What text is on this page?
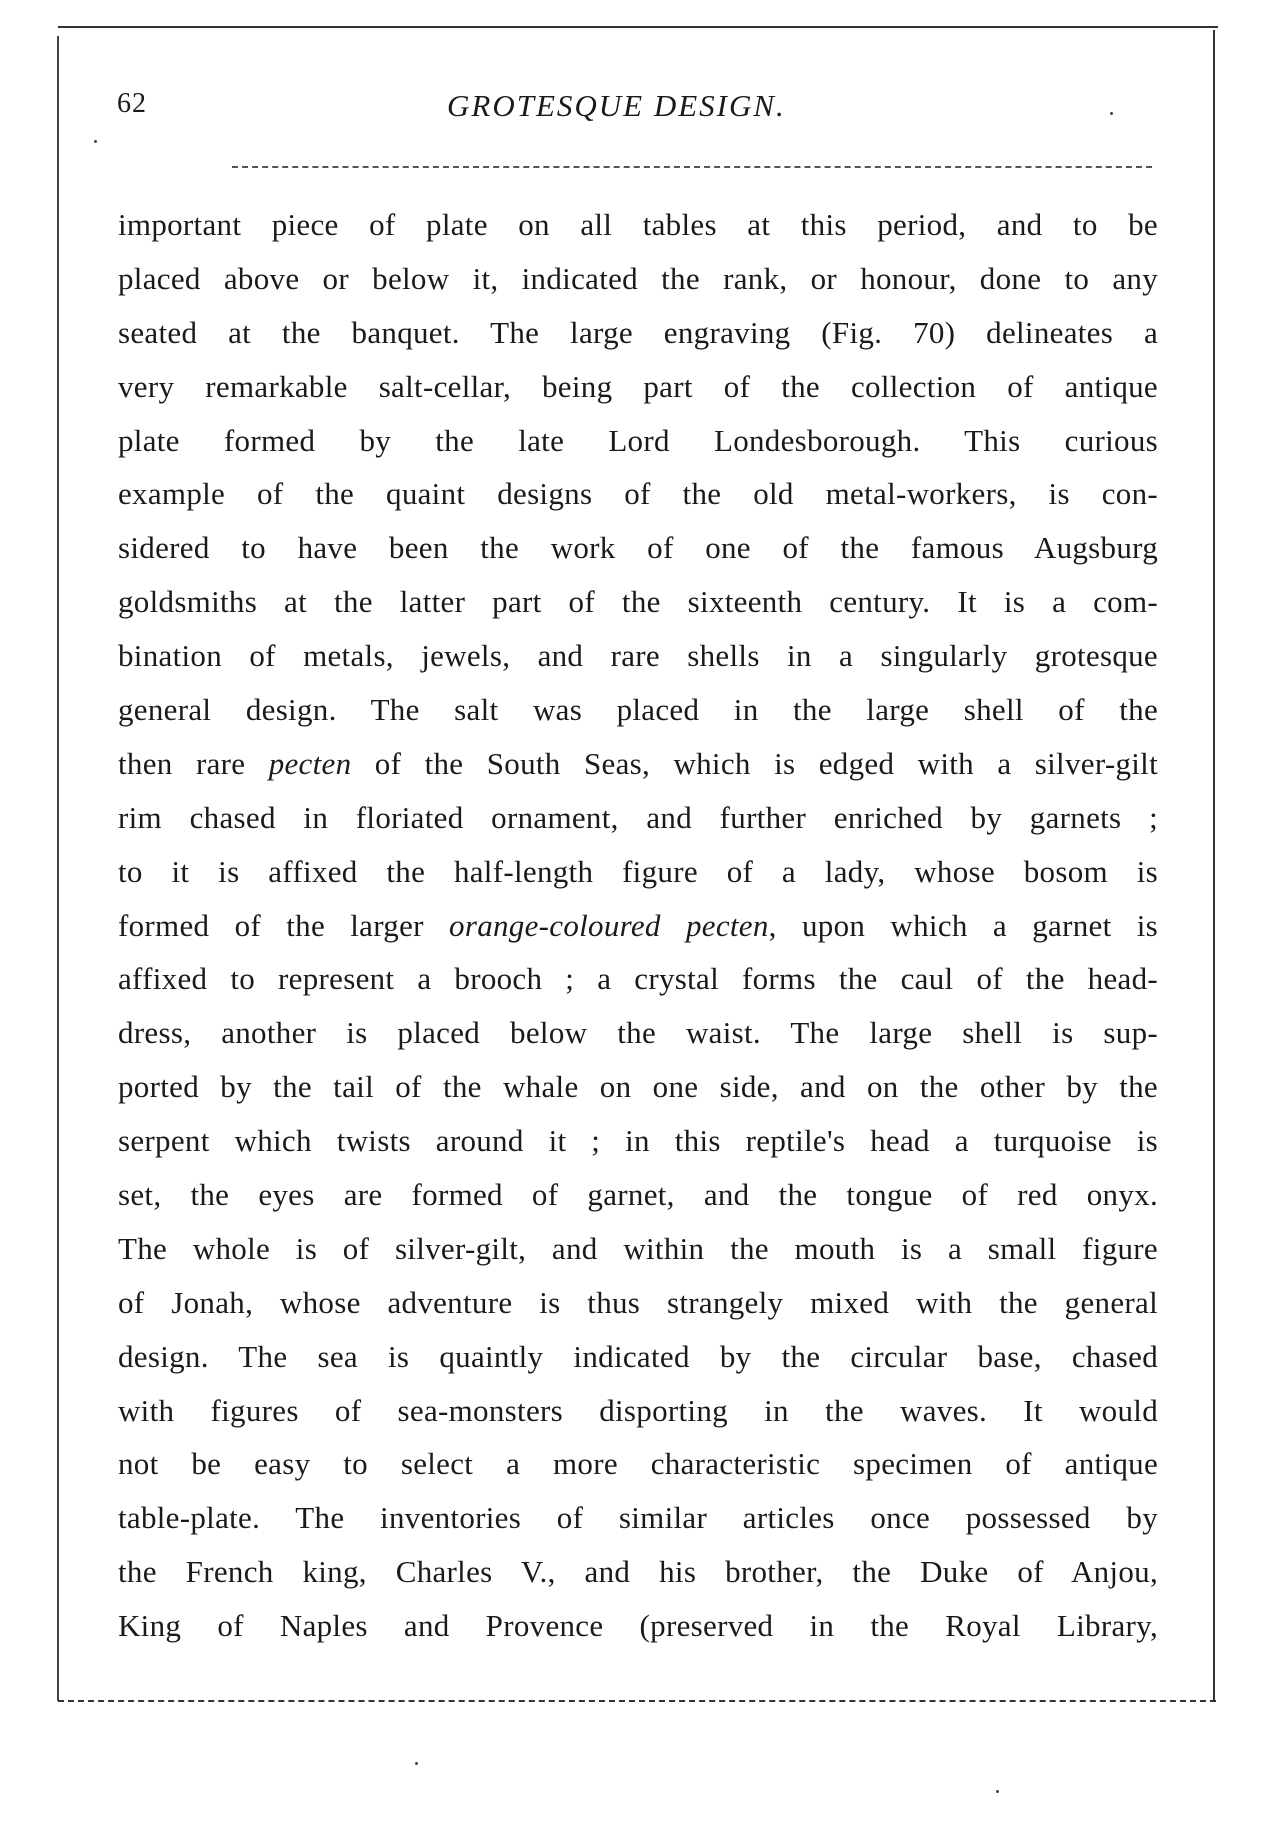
62	GROTESQUE DESIGN.
important piece of plate on all tables at this period, and to be
placed above or below it, indicated the rank, or honour, done to any
seated at the banquet. The large engraving (Fig. 70) delineates a
very remarkable salt-cellar, being part of the collection of antique
plate formed by the late Lord Londesborough. This curious
example of the quaint designs of the old metal-workers, is con-
sidered to have been the work of one of the famous Augsburg
goldsmiths at the latter part of the sixteenth century. It is a com-
bination of metals, jewels, and rare shells in a singularly grotesque
general design. The salt was placed in the large shell of the
then rare pecten of the South Seas, which is edged with a silver-gilt
rim chased in floriated ornament, and further enriched by garnets ;
to it is affixed the half-length figure of a lady, whose bosom is
formed of the larger orange-coloured pecten, upon which a garnet is
affixed to represent a brooch ; a crystal forms the caul of the head-
dress, another is placed below the waist. The large shell is sup-
ported by the tail of the whale on one side, and on the other by the
serpent which twists around it ; in this reptile's head a turquoise is
set, the eyes are formed of garnet, and the tongue of red onyx.
The whole is of silver-gilt, and within the mouth is a small figure
of Jonah, whose adventure is thus strangely mixed with the general
design. The sea is quaintly indicated by the circular base, chased
with figures of sea-monsters disporting in the waves. It would
not be easy to select a more characteristic specimen of antique
table-plate. The inventories of similar articles once possessed by
the French king, Charles V., and his brother, the Duke of Anjou,
King of Naples and Provence (preserved in the Royal Library,
